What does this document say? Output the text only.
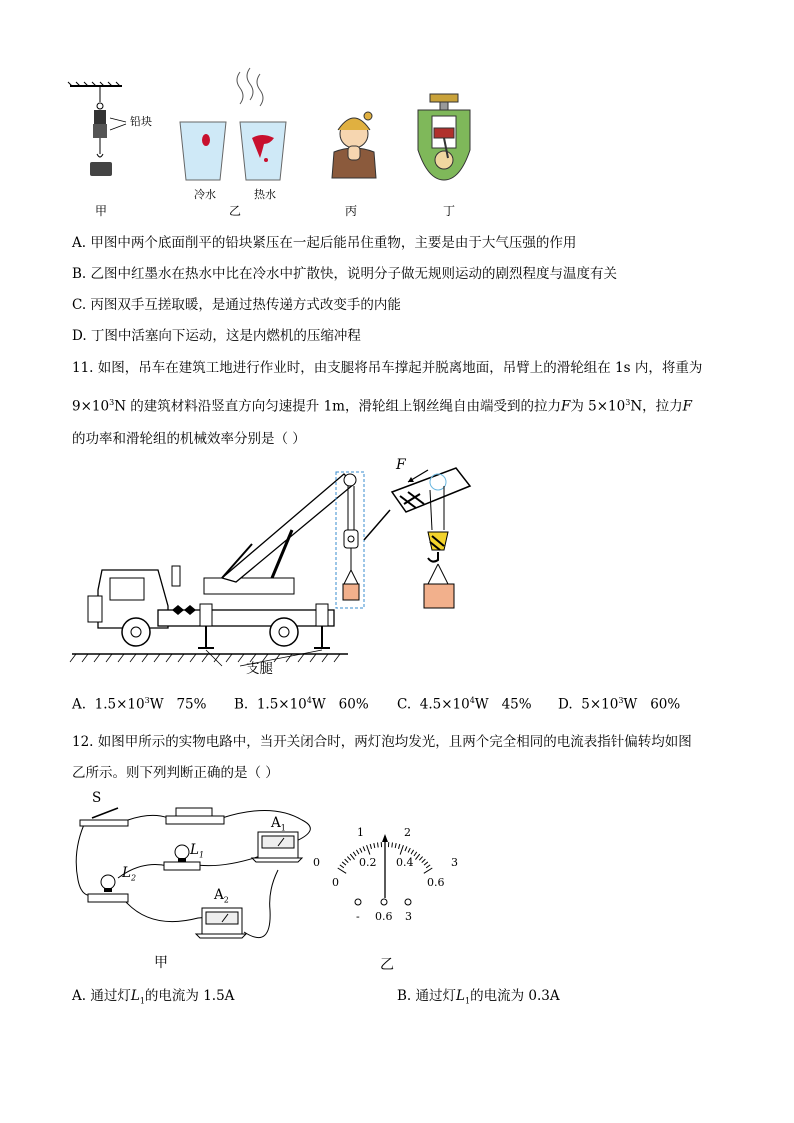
铅块
冷水	热水
甲	乙	丙	丁
A. 甲图中两个底面削平的铅块紧压在一起后能吊住重物，主要是由于大气压强的作用
B. 乙图中红墨水在热水中比在冷水中扩散快，说明分子做无规则运动的剧烈程度与温度有关
C. 丙图双手互搓取暖，是通过热传递方式改变手的内能
D. 丁图中活塞向下运动，这是内燃机的压缩冲程
11. 如图，吊车在建筑工地进行作业时，由支腿将吊车撑起并脱离地面，吊臂上的滑轮组在 1s 内，将重为
$9\times 10^3N$ 的建筑材料沿竖直方向匀速提升 1m，滑轮组上钢丝绳自由端受到的拉力F为 $5\times 10^3N$，拉力F
的功率和滑轮组的机械效率分别是（ ）
F
支腿
A. $1.5\times 10^3W$ 75% B. $1.5\times 10^4W$ 60% C. $4.5\times 10^4W$ 45% D. $5\times 10^3W$ 60%
12. 如图甲所示的实物电路中，当开关闭合时，两灯泡均发光，且两个完全相同的电流表指针偏转均如图
乙所示。则下列判断正确的是（ ）
S
$L_1$
$L_2$
$A_1$
$A_2$
甲
0
1	2
3
0
0.2 0.4
0.6
- 0.6 3
乙
A. 通过灯$L_1$的电流为 1.5A	B. 通过灯$L_1$的电流为 0.3A
